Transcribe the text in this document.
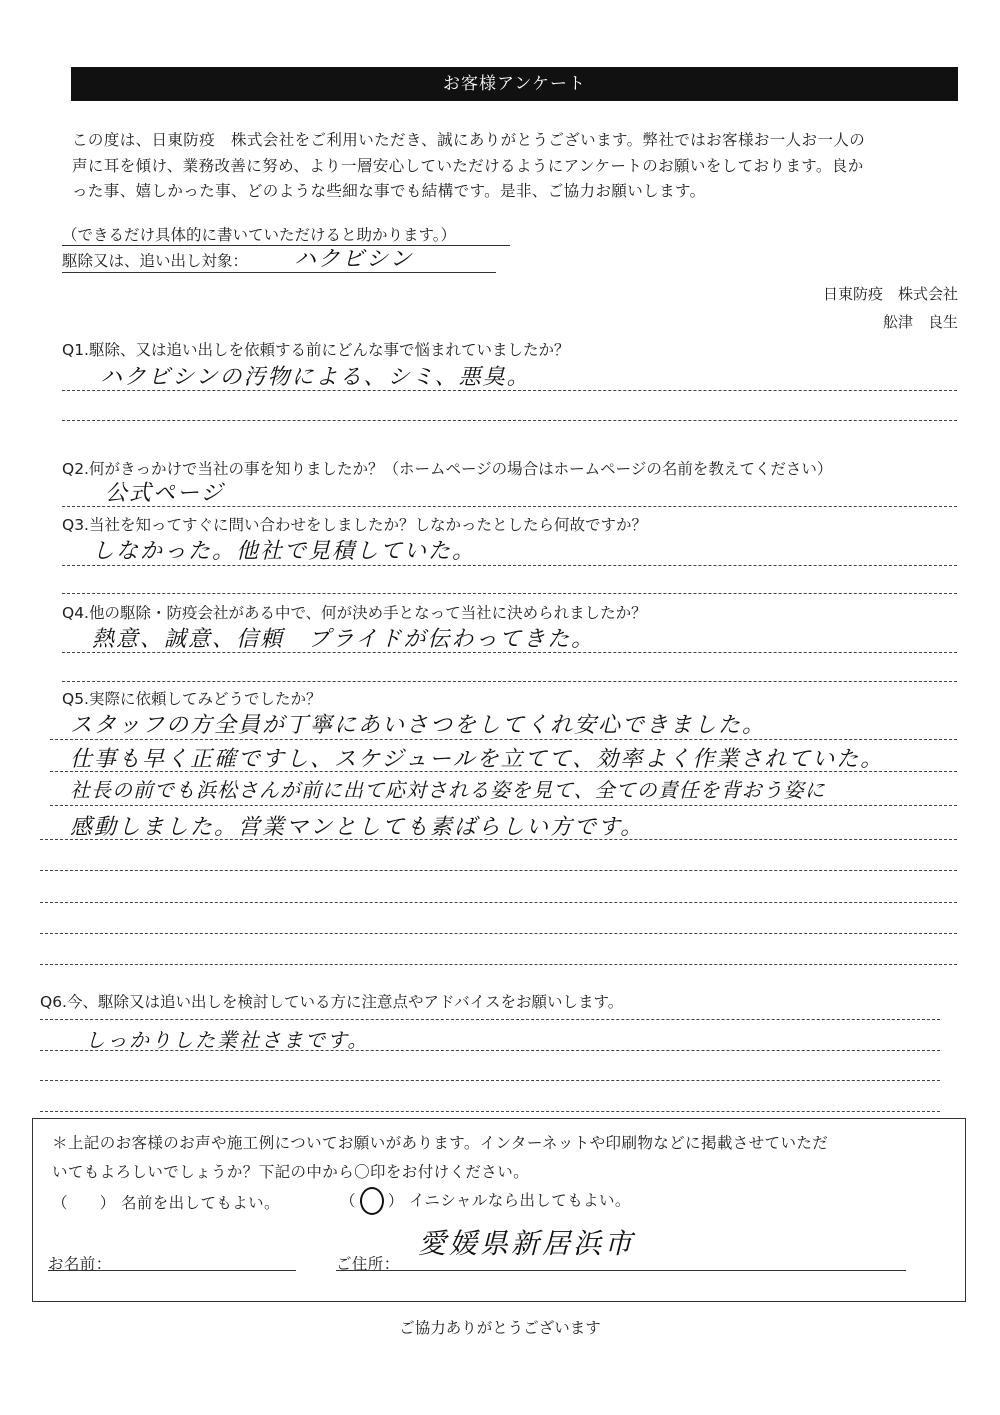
お客様アンケート

この度は、日東防疫　株式会社をご利用いただき、誠にありがとうございます。弊社ではお客様お一人お一人の

声に耳を傾け、業務改善に努め、より一層安心していただけるようにアンケートのお願いをしております。良か

った事、嬉しかった事、どのような些細な事でも結構です。是非、ご協力お願いします。

（できるだけ具体的に書いていただけると助かります。）
駆除又は、追い出し対象： ハクビシン
日東防疫　株式会社
舩津　良生
Q1.駆除、又は追い出しを依頼する前にどんな事で悩まれていましたか？
ハクビシンの汚物による、シミ、悪臭。
Q2.何がきっかけで当社の事を知りましたか？（ホームページの場合はホームページの名前を教えてください）
公式ページ
Q3.当社を知ってすぐに問い合わせをしましたか？しなかったとしたら何故ですか？
しなかった。他社で見積していた。
Q4.他の駆除・防疫会社がある中で、何が決め手となって当社に決められましたか？
熱意、誠意、信頼　プライドが伝わってきた。
Q5.実際に依頼してみどうでしたか？
スタッフの方全員が丁寧にあいさつをしてくれ安心できました。
仕事も早く正確ですし、スケジュールを立てて、効率よく作業されていた。
社長の前でも浜松さんが前に出て応対される姿を見て、全ての責任を背おう姿に
感動しました。営業マンとしても素ばらしい方です。
Q6.今、駆除又は追い出しを検討している方に注意点やアドバイスをお願いします。
しっかりした業社さまです。
＊上記のお客様のお声や施工例についてお願いがあります。インターネットや印刷物などに掲載させていただ
いてもよろしいでしょうか？下記の中から〇印をお付けください。
（　　） 名前を出してもよい。	（ ○ ） イニシャルなら出してもよい。
お名前：	ご住所：
愛媛県新居浜市
ご協力ありがとうございます
